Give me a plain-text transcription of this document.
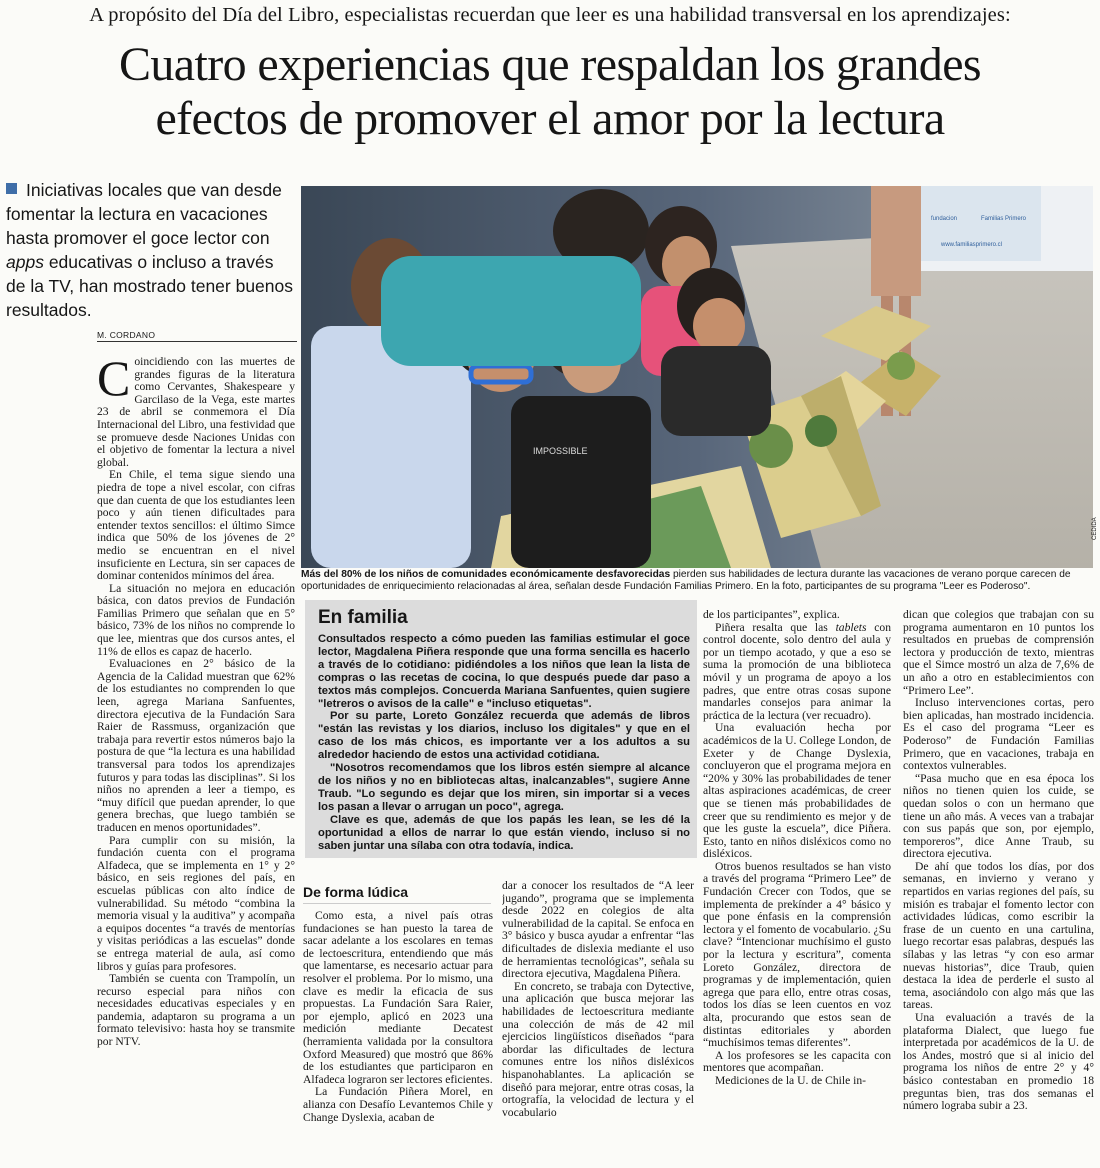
A propósito del Día del Libro, especialistas recuerdan que leer es una habilidad transversal en los aprendizajes:
Cuatro experiencias que respaldan los grandes
efectos de promover el amor por la lectura

Iniciativas locales que van desde fomentar la lectura en vacaciones hasta promover el goce lector con apps educativas o incluso a través de la TV, han mostrado tener buenos resultados.

M. CORDANO

Coincidiendo con las muertes de grandes figuras de la literatura como Cervantes, Shakespeare y Garcilaso de la Vega, este martes 23 de abril se conmemora el Día Internacional del Libro, una festividad que se promueve desde Naciones Unidas con el objetivo de fomentar la lectura a nivel global.

En Chile, el tema sigue siendo una piedra de tope a nivel escolar, con cifras que dan cuenta de que los estudiantes leen poco y aún tienen dificultades para entender textos sencillos: el último Simce indica que 50% de los jóvenes de 2° medio se encuentran en el nivel insuficiente en Lectura, sin ser capaces de dominar contenidos mínimos del área.

La situación no mejora en educación básica, con datos previos de Fundación Familias Primero que señalan que en 5° básico, 73% de los niños no comprende lo que lee, mientras que dos cursos antes, el 11% de ellos es capaz de hacerlo.

Evaluaciones en 2° básico de la Agencia de la Calidad muestran que 62% de los estudiantes no comprenden lo que leen, agrega Mariana Sanfuentes, directora ejecutiva de la Fundación Sara Raier de Rassmuss, organización que trabaja para revertir estos números bajo la postura de que “la lectura es una habilidad transversal para todos los aprendizajes futuros y para todas las disciplinas”. Si los niños no aprenden a leer a tiempo, es “muy difícil que puedan aprender, lo que genera brechas, que luego también se traducen en menos oportunidades”.

Para cumplir con su misión, la fundación cuenta con el programa Alfadeca, que se implementa en 1° y 2° básico, en seis regiones del país, en escuelas públicas con alto índice de vulnerabilidad. Su método “combina la memoria visual y la auditiva” y acompaña a equipos docentes “a través de mentorías y visitas periódicas a las escuelas” donde se entrega material de aula, así como libros y guías para profesores.

También se cuenta con Trampolín, un recurso especial para niños con necesidades educativas especiales y en pandemia, adaptaron su programa a un formato televisivo: hasta hoy se transmite por NTV.

fundacion	Familias Primero
www.familiasprimero.cl
IMPOSSIBLE
CEDIDA
Más del 80% de los niños de comunidades económicamente desfavorecidas pierden sus habilidades de lectura durante las vacaciones de verano porque carecen de oportunidades de enriquecimiento relacionadas al área, señalan desde Fundación Familias Primero. En la foto, participantes de su programa "Leer es Poderoso".
En familia

Consultados respecto a cómo pueden las familias estimular el goce lector, Magdalena Piñera responde que una forma sencilla es hacerlo a través de lo cotidiano: pidiéndoles a los niños que lean la lista de compras o las recetas de cocina, lo que después puede dar paso a textos más complejos. Concuerda Mariana Sanfuentes, quien sugiere "letreros o avisos de la calle" e "incluso etiquetas".

Por su parte, Loreto González recuerda que además de libros "están las revistas y los diarios, incluso los digitales" y que en el caso de los más chicos, es importante ver a los adultos a su alrededor haciendo de estos una actividad cotidiana.

"Nosotros recomendamos que los libros estén siempre al alcance de los niños y no en bibliotecas altas, inalcanzables", sugiere Anne Traub. "Lo segundo es dejar que los miren, sin importar si a veces los pasan a llevar o arrugan un poco", agrega.

Clave es que, además de que los papás les lean, se les dé la oportunidad a ellos de narrar lo que están viendo, incluso si no saben juntar una sílaba con otra todavía, indica.

De forma lúdica

Como esta, a nivel país otras fundaciones se han puesto la tarea de sacar adelante a los escolares en temas de lectoescritura, entendiendo que más que lamentarse, es necesario actuar para resolver el problema. Por lo mismo, una clave es medir la eficacia de sus propuestas. La Fundación Sara Raier, por ejemplo, aplicó en 2023 una medición mediante Decatest (herramienta validada por la consultora Oxford Measured) que mostró que 86% de los estudiantes que participaron en Alfadeca lograron ser lectores eficientes.

La Fundación Piñera Morel, en alianza con Desafío Levantemos Chile y Change Dyslexia, acaban de

dar a conocer los resultados de “A leer jugando”, programa que se implementa desde 2022 en colegios de alta vulnerabilidad de la capital. Se enfoca en 3° básico y busca ayudar a enfrentar “las dificultades de dislexia mediante el uso de herramientas tecnológicas”, señala su directora ejecutiva, Magdalena Piñera.

En concreto, se trabaja con Dytective, una aplicación que busca mejorar las habilidades de lectoescritura mediante una colección de más de 42 mil ejercicios lingüísticos diseñados “para abordar las dificultades de lectura comunes entre los niños disléxicos hispanohablantes. La aplicación se diseñó para mejorar, entre otras cosas, la ortografía, la velocidad de lectura y el vocabulario

de los participantes”, explica.

Piñera resalta que las tablets con control docente, solo dentro del aula y por un tiempo acotado, y que a eso se suma la promoción de una biblioteca móvil y un programa de apoyo a los padres, que entre otras cosas supone mandarles consejos para animar la práctica de la lectura (ver recuadro).

Una evaluación hecha por académicos de la U. College London, de Exeter y de Change Dyslexia, concluyeron que el programa mejora en “20% y 30% las probabilidades de tener altas aspiraciones académicas, de creer que se tienen más probabilidades de creer que su rendimiento es mejor y de que les guste la escuela”, dice Piñera. Esto, tanto en niños disléxicos como no disléxicos.

Otros buenos resultados se han visto a través del programa “Primero Lee” de Fundación Crecer con Todos, que se implementa de prekínder a 4° básico y que pone énfasis en la comprensión lectora y el fomento de vocabulario. ¿Su clave? “Intencionar muchísimo el gusto por la lectura y escritura”, comenta Loreto González, directora de programas y de implementación, quien agrega que para ello, entre otras cosas, todos los días se leen cuentos en voz alta, procurando que estos sean de distintas editoriales y aborden “muchísimos temas diferentes”.

A los profesores se les capacita con mentores que acompañan.

Mediciones de la U. de Chile in-

dican que colegios que trabajan con su programa aumentaron en 10 puntos los resultados en pruebas de comprensión lectora y producción de texto, mientras que el Simce mostró un alza de 7,6% de un año a otro en establecimientos con “Primero Lee”.

Incluso intervenciones cortas, pero bien aplicadas, han mostrado incidencia. Es el caso del programa “Leer es Poderoso” de Fundación Familias Primero, que en vacaciones, trabaja en contextos vulnerables.

“Pasa mucho que en esa época los niños no tienen quien los cuide, se quedan solos o con un hermano que tiene un año más. A veces van a trabajar con sus papás que son, por ejemplo, temporeros”, dice Anne Traub, su directora ejecutiva.

De ahí que todos los días, por dos semanas, en invierno y verano y repartidos en varias regiones del país, su misión es trabajar el fomento lector con actividades lúdicas, como escribir la frase de un cuento en una cartulina, luego recortar esas palabras, después las sílabas y las letras “y con eso armar nuevas historias”, dice Traub, quien destaca la idea de perderle el susto al tema, asociándolo con algo más que las tareas.

Una evaluación a través de la plataforma Dialect, que luego fue interpretada por académicos de la U. de los Andes, mostró que si al inicio del programa los niños de entre 2° y 4° básico contestaban en promedio 18 preguntas bien, tras dos semanas el número lograba subir a 23.
